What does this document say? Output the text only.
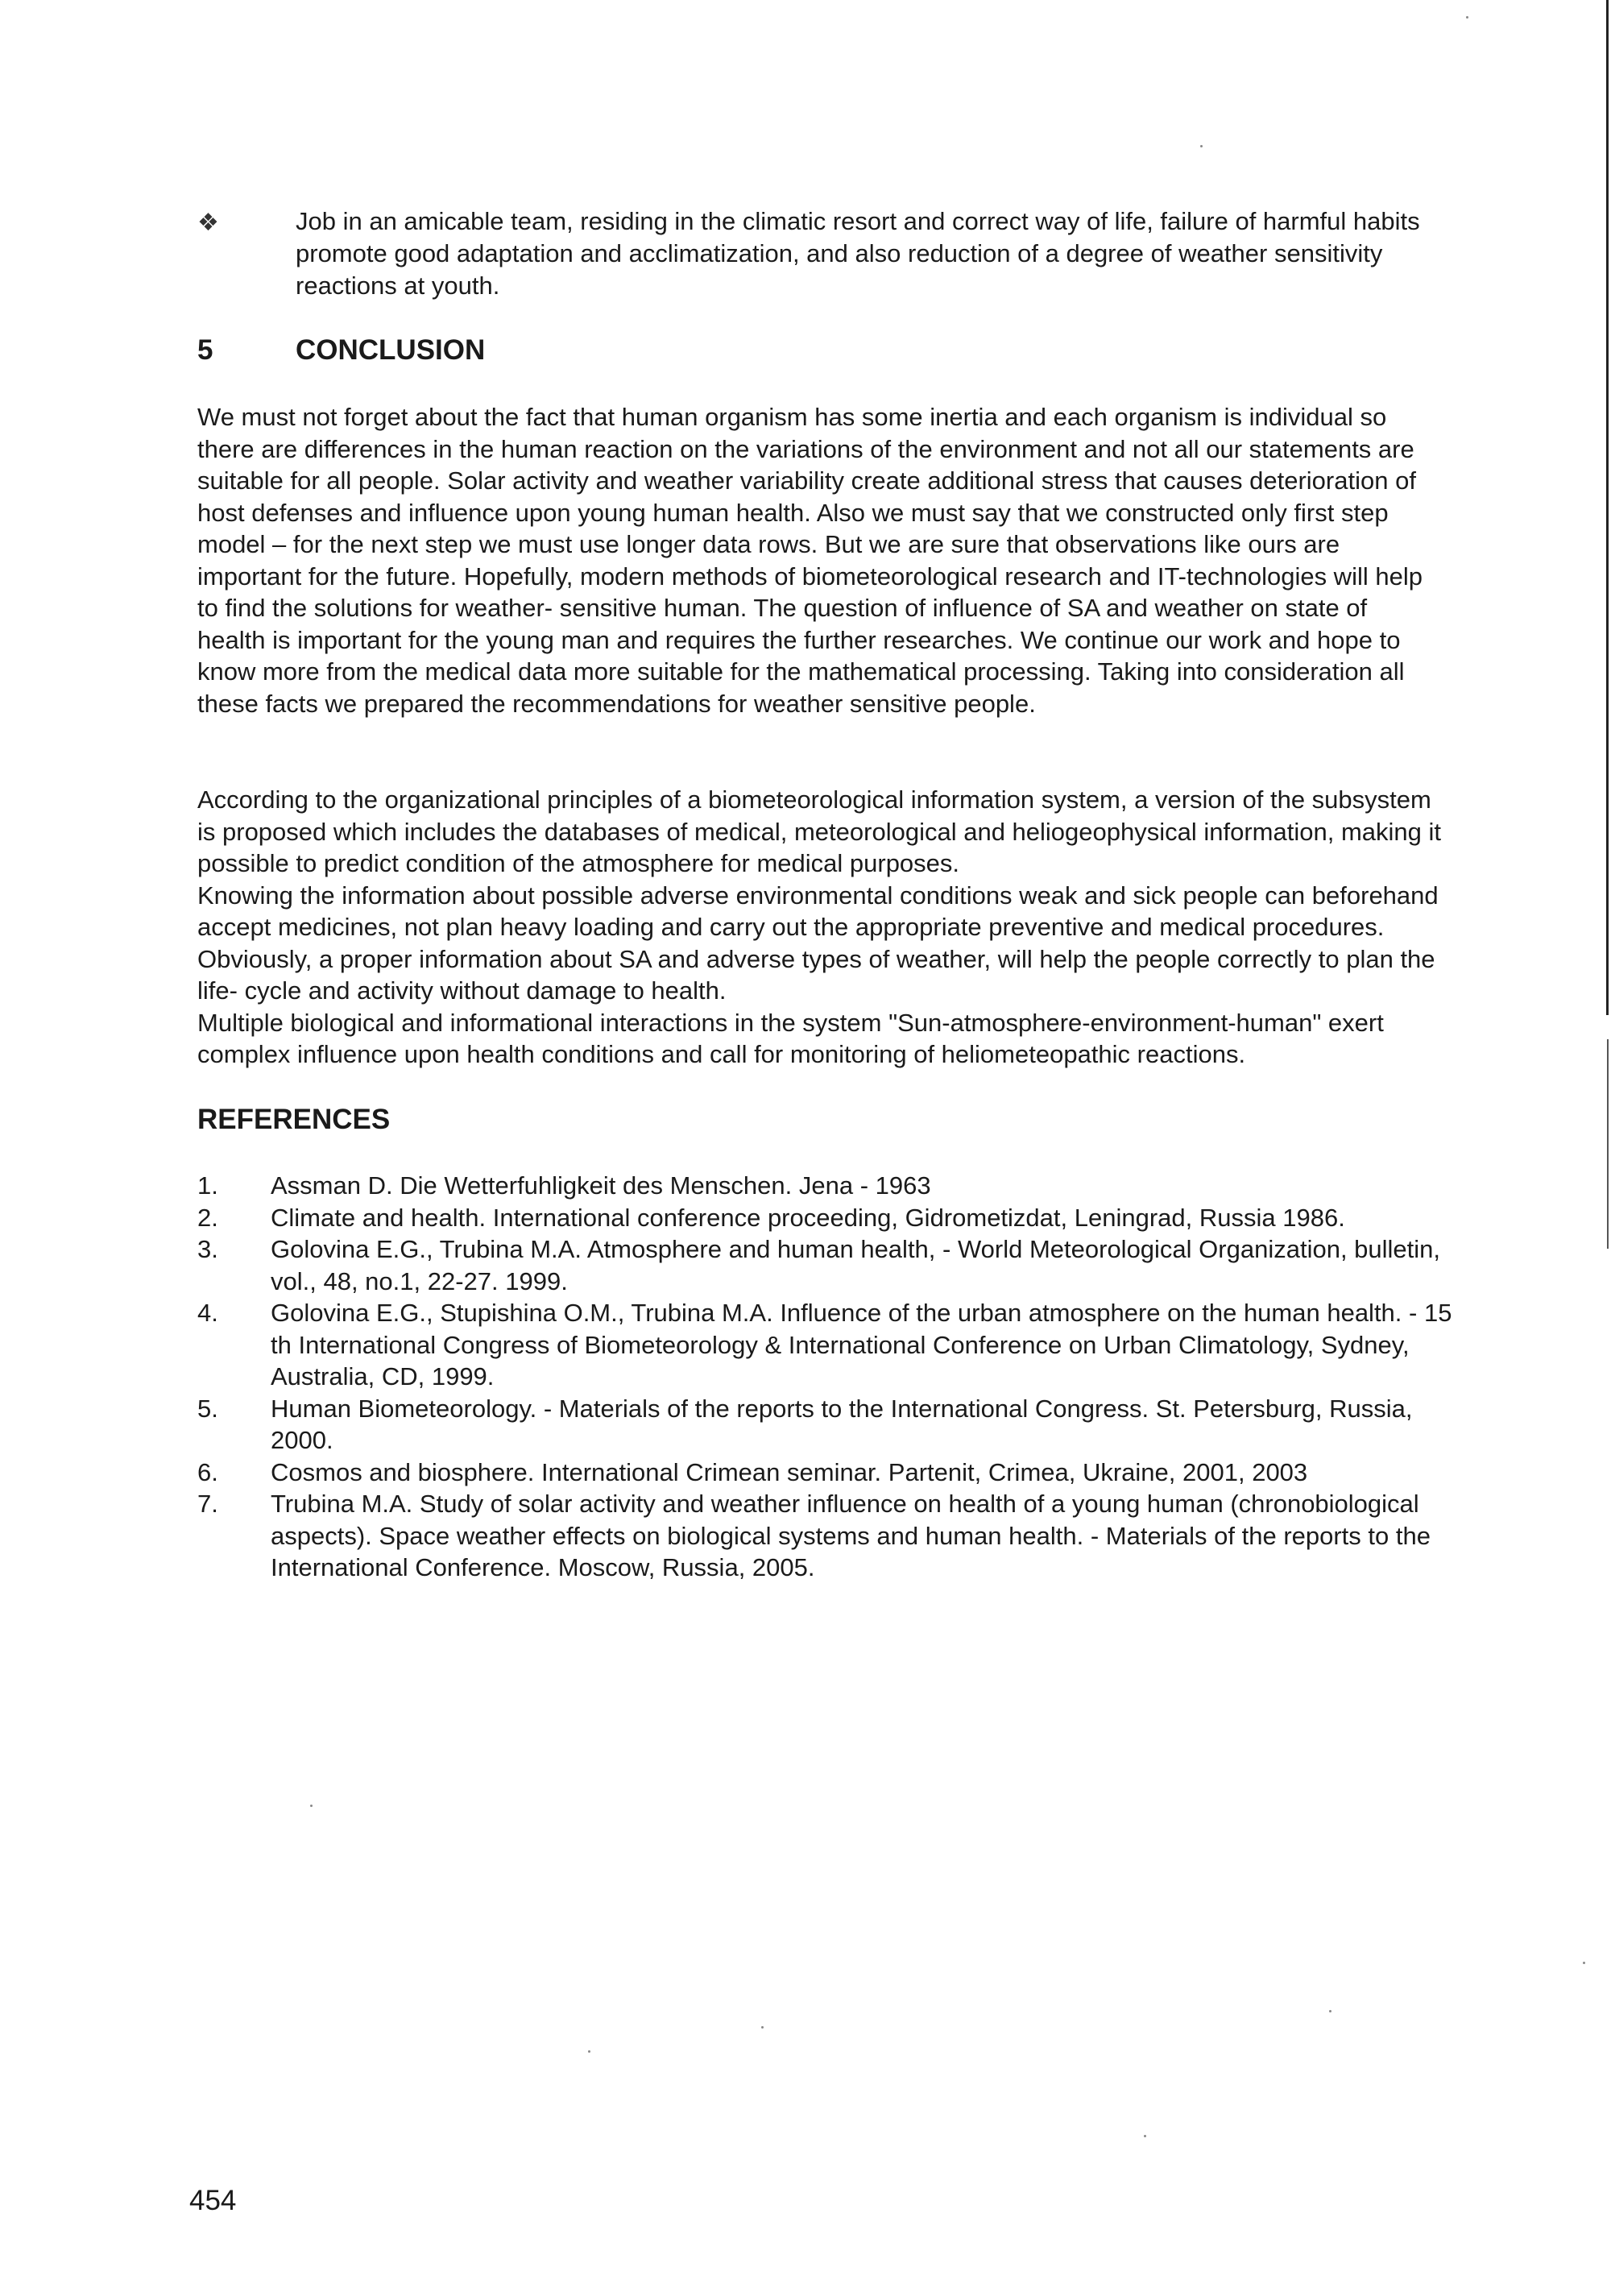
❖	Job in an amicable team, residing in the climatic resort and correct way of life, failure of harmful habits promote good adaptation and acclimatization, and also reduction of a degree of weather sensitivity reactions at youth.
5	CONCLUSION

We must not forget about the fact that human organism has some inertia and each organism is individual so there are differences in the human reaction on the variations of the environment and not all our statements are suitable for all people. Solar activity and weather variability create additional stress that causes deterioration of host defenses and influence upon young human health. Also we must say that we constructed only first step model – for the next step we must use longer data rows. But we are sure that observations like ours are important for the future. Hopefully, modern methods of biometeorological research and IT-technologies will help to find the solutions for weather- sensitive human. The question of influence of SA and weather on state of health is important for the young man and requires the further researches. We continue our work and hope to know more from the medical data more suitable for the mathematical processing. Taking into consideration all these facts we prepared the recommendations for weather sensitive people.

According to the organizational principles of a biometeorological information system, a version of the subsystem is proposed which includes the databases of medical, meteorological and heliogeophysical information, making it possible to predict condition of the atmosphere for medical purposes.

Knowing the information about possible adverse environmental conditions weak and sick people can beforehand accept medicines, not plan heavy loading and carry out the appropriate preventive and medical procedures. Obviously, a proper information about SA and adverse types of weather, will help the people correctly to plan the life- cycle and activity without damage to health.

Multiple biological and informational interactions in the system "Sun-atmosphere-environment-human" exert complex influence upon health conditions and call for monitoring of heliometeopathic reactions.

REFERENCES
1. Assman D. Die Wetterfuhligkeit des Menschen. Jena - 1963
2. Climate and health. International conference proceeding, Gidrometizdat, Leningrad, Russia 1986.
3. Golovina E.G., Trubina M.A. Atmosphere and human health, - World Meteorological Organization, bulletin, vol., 48, no.1, 22-27. 1999.
4. Golovina E.G., Stupishina O.M., Trubina M.A. Influence of the urban atmosphere on the human health. - 15 th International Congress of Biometeorology & International Conference on Urban Climatology, Sydney, Australia, CD, 1999.
5. Human Biometeorology. - Materials of the reports to the International Congress. St. Petersburg, Russia, 2000.
6. Cosmos and biosphere. International Crimean seminar. Partenit, Crimea, Ukraine, 2001, 2003
7. Trubina M.A. Study of solar activity and weather influence on health of a young human (chronobiological aspects). Space weather effects on biological systems and human health. - Materials of the reports to the International Conference. Moscow, Russia, 2005.
454
